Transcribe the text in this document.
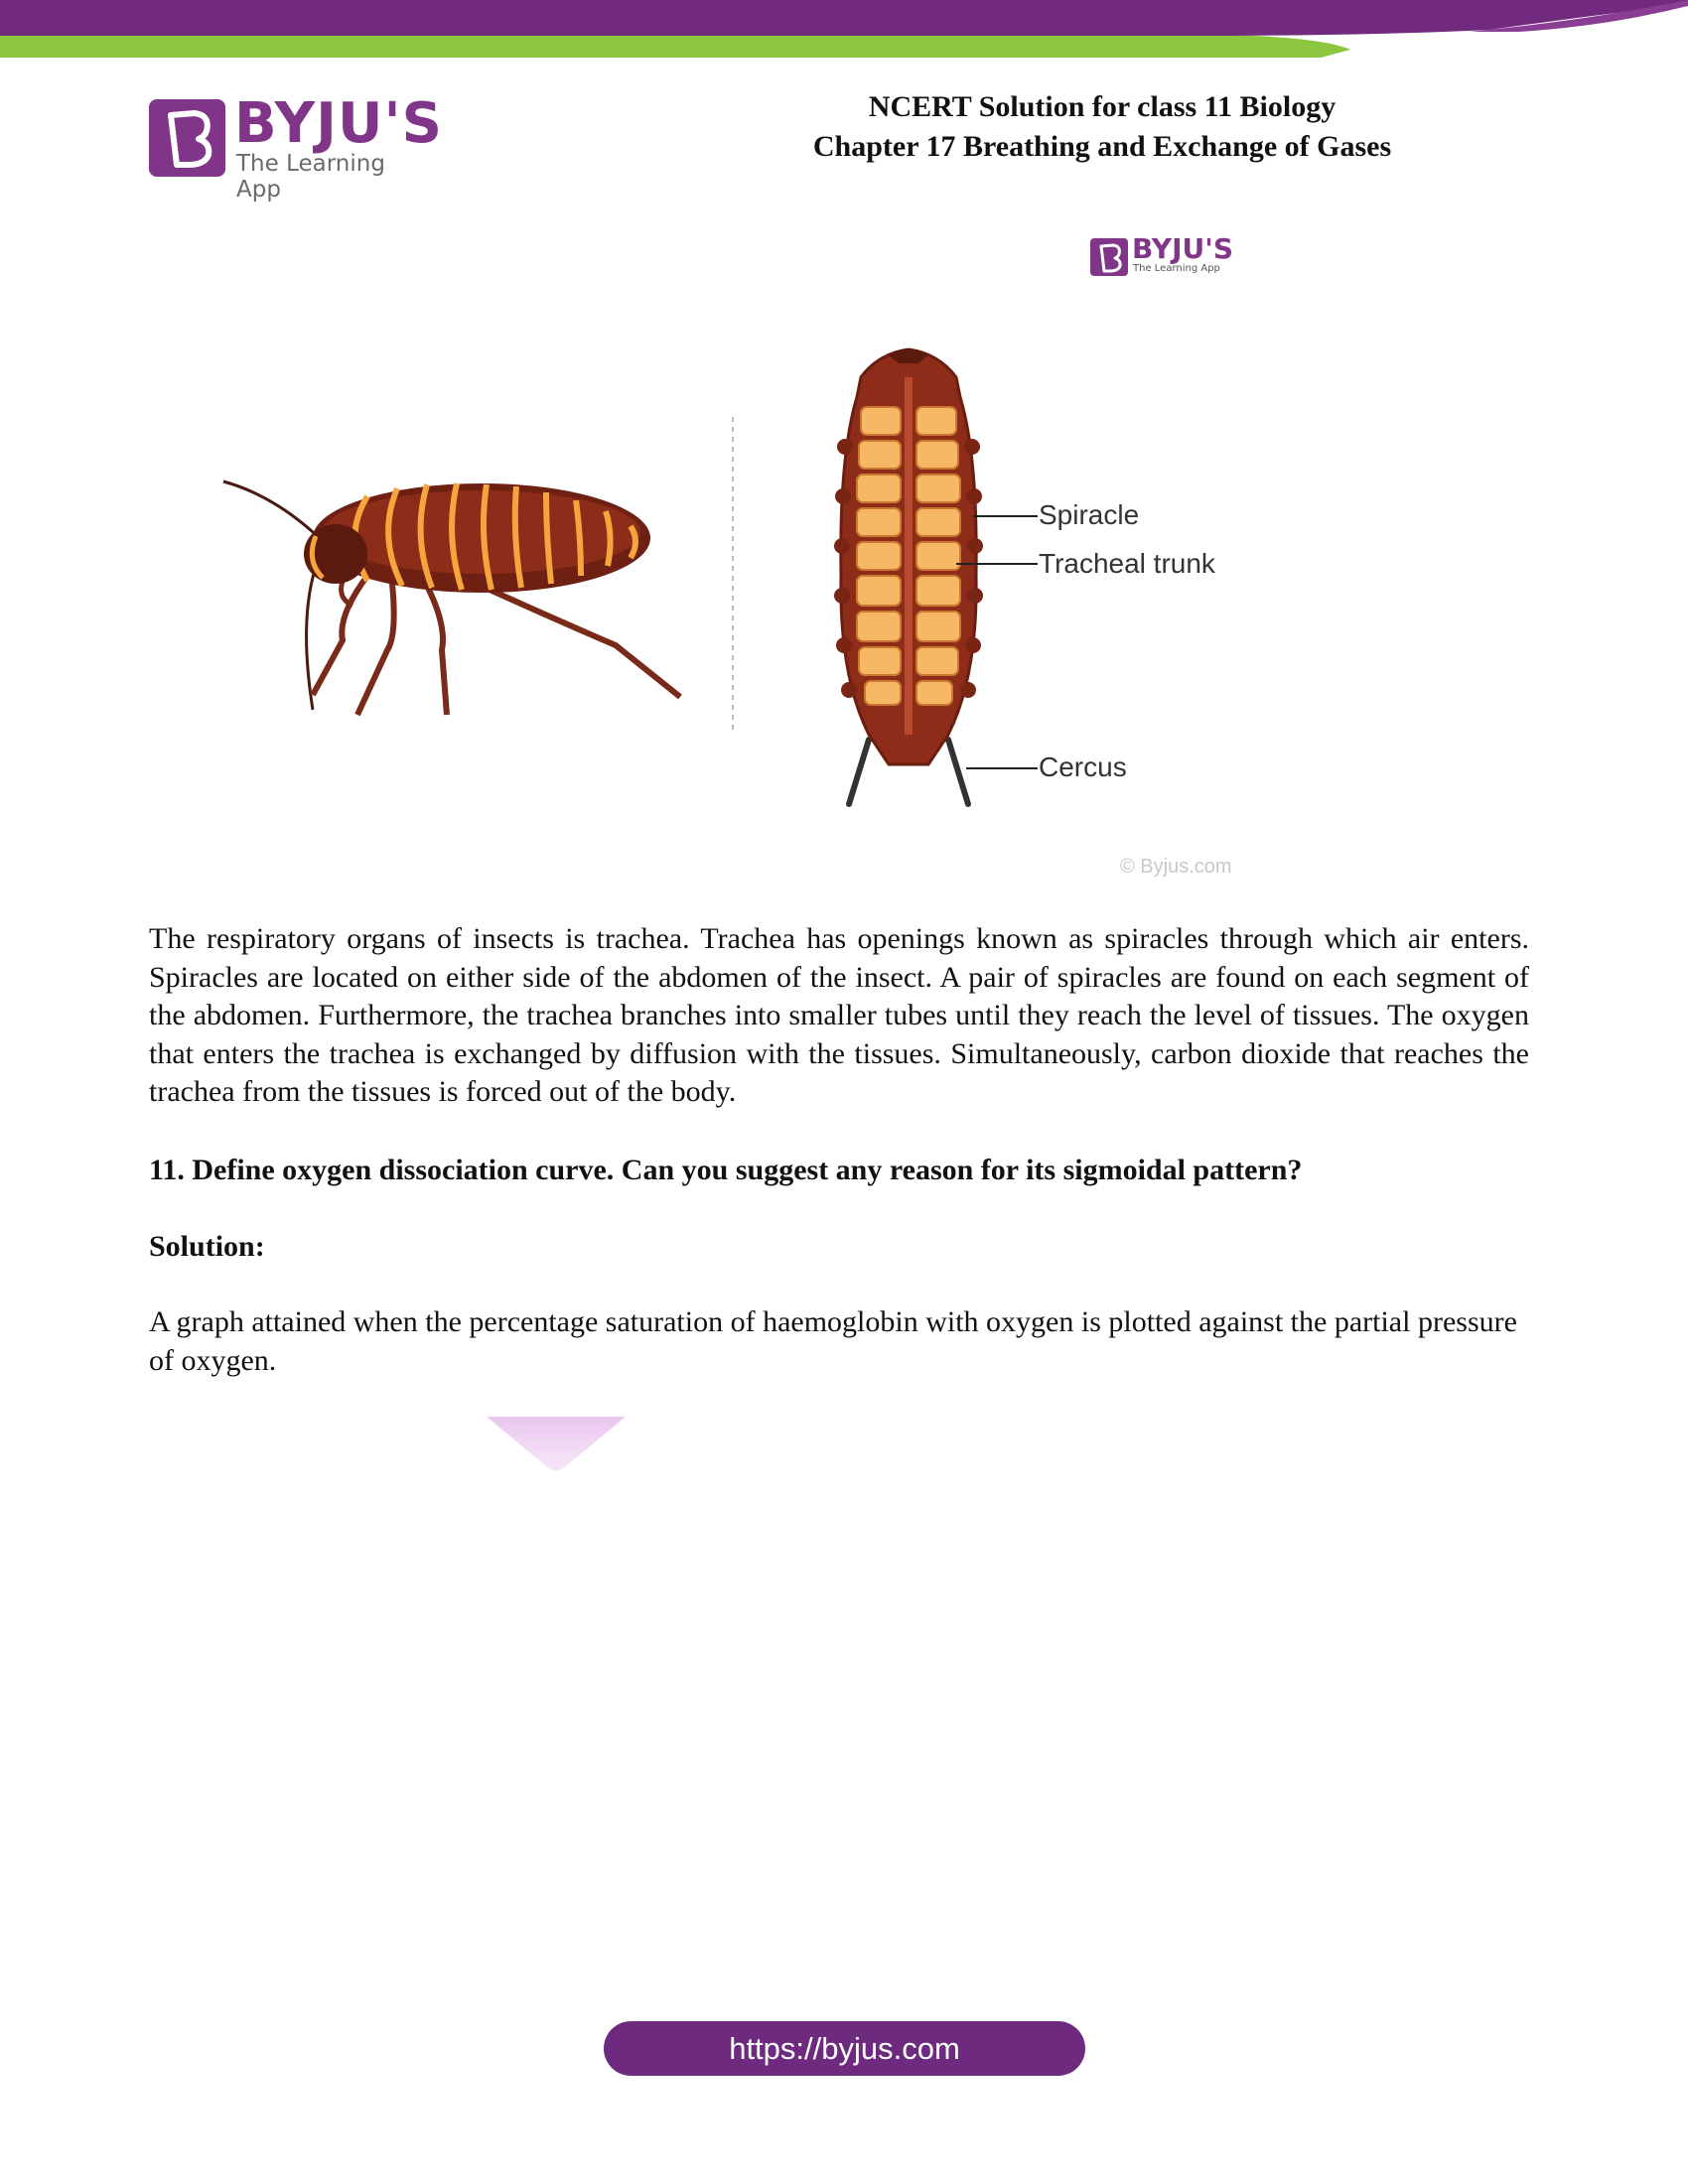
BYJU'S
The Learning App
NCERT Solution for class 11 Biology
Chapter 17 Breathing and Exchange of Gases
BYJU'S
The Learning App
Spiracle
Tracheal trunk
Cercus
© Byjus.com
The respiratory organs of insects is trachea. Trachea has openings known as spiracles through which air enters. Spiracles are located on either side of the abdomen of the insect. A pair of spiracles are found on each segment of the abdomen. Furthermore, the trachea branches into smaller tubes until they reach the level of tissues. The oxygen that enters the trachea is exchanged by diffusion with the tissues. Simultaneously, carbon dioxide that reaches the trachea from the tissues is forced out of the body.
11. Define oxygen dissociation curve. Can you suggest any reason for its sigmoidal pattern?
Solution:
A graph attained when the percentage saturation of haemoglobin with oxygen is plotted against the partial pressure of oxygen.
https://byjus.com
